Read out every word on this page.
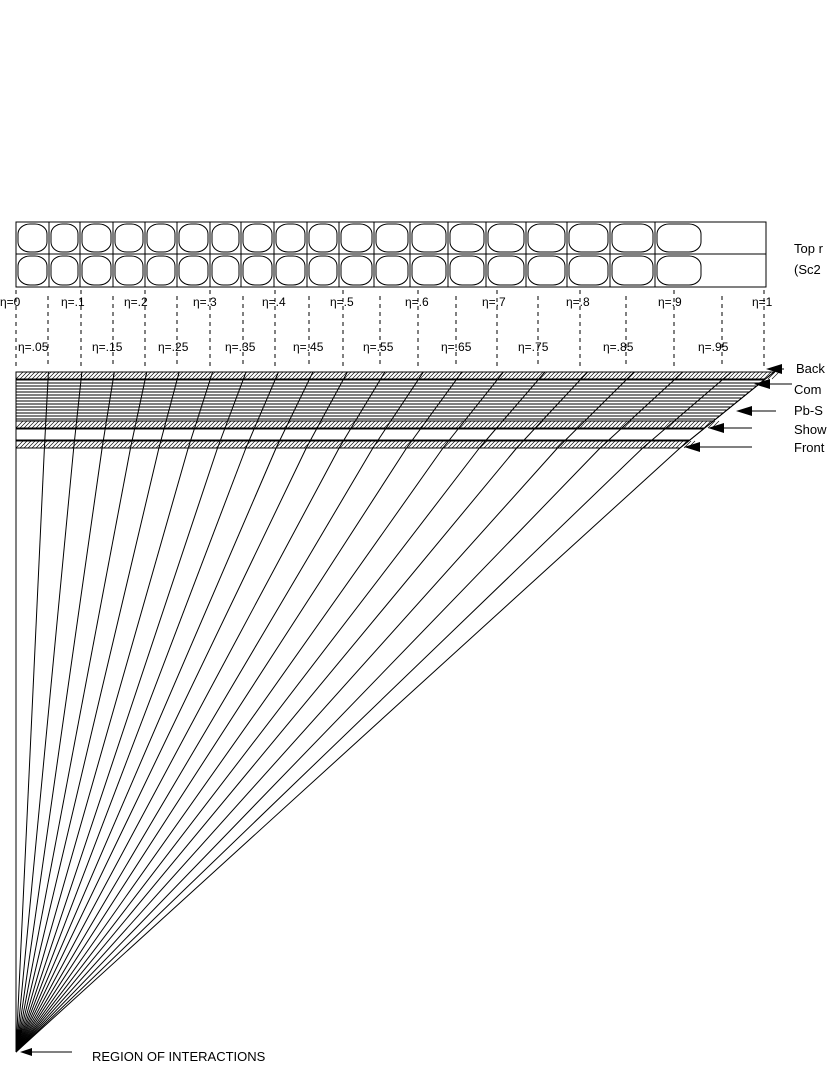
Top r
(Sc2
η=0	η=.1	η=.2	η=.3	η=.4	η=.5	η=.6	η=.7	η=.8	η=.9	η=1
η=.05	η=.15	η=.25	η=.35	η=.45	η=.55	η=.65	η=.75	η=.85	η=.95
Back
Com
Pb-S
Show
Front
REGION OF INTERACTIONS
